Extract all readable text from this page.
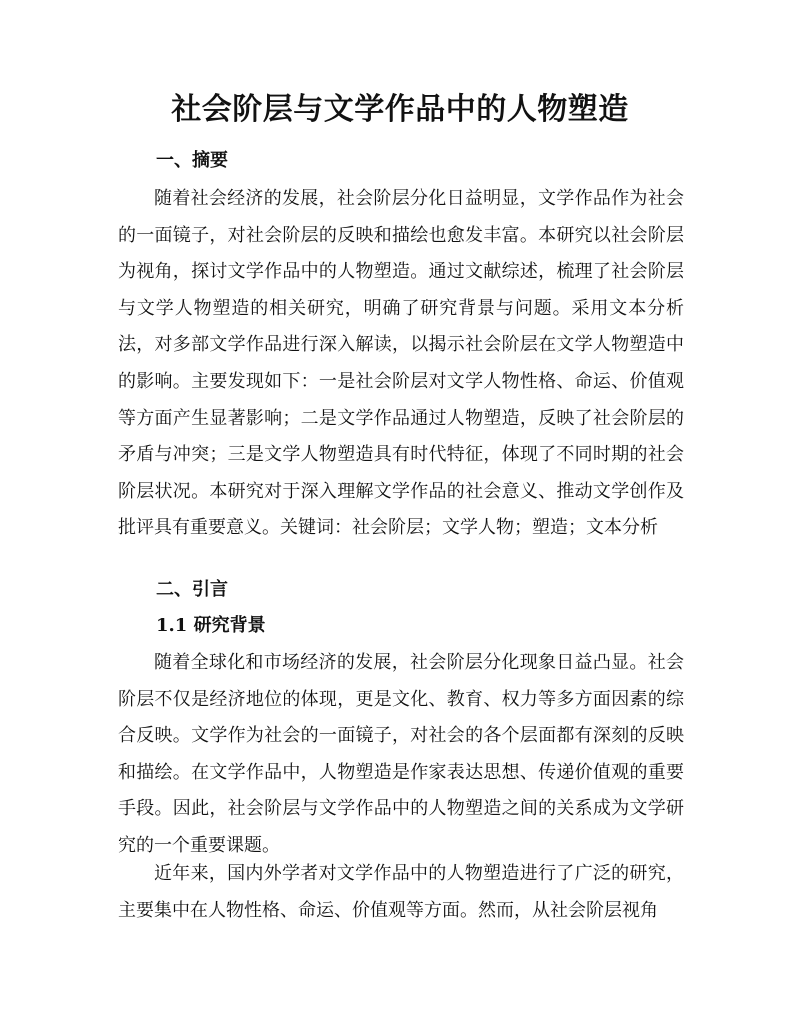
社会阶层与文学作品中的人物塑造
一、摘要

随着社会经济的发展，社会阶层分化日益明显，文学作品作为社会的一面镜子，对社会阶层的反映和描绘也愈发丰富。本研究以社会阶层为视角，探讨文学作品中的人物塑造。通过文献综述，梳理了社会阶层与文学人物塑造的相关研究，明确了研究背景与问题。采用文本分析法，对多部文学作品进行深入解读，以揭示社会阶层在文学人物塑造中的影响。主要发现如下：一是社会阶层对文学人物性格、命运、价值观等方面产生显著影响；二是文学作品通过人物塑造，反映了社会阶层的矛盾与冲突；三是文学人物塑造具有时代特征，体现了不同时期的社会阶层状况。本研究对于深入理解文学作品的社会意义、推动文学创作及批评具有重要意义。关键词：社会阶层；文学人物；塑造；文本分析

二、引言
1.1 研究背景

随着全球化和市场经济的发展，社会阶层分化现象日益凸显。社会阶层不仅是经济地位的体现，更是文化、教育、权力等多方面因素的综合反映。文学作为社会的一面镜子，对社会的各个层面都有深刻的反映和描绘。在文学作品中，人物塑造是作家表达思想、传递价值观的重要手段。因此，社会阶层与文学作品中的人物塑造之间的关系成为文学研究的一个重要课题。

近年来，国内外学者对文学作品中的人物塑造进行了广泛的研究，主要集中在人物性格、命运、价值观等方面。然而，从社会阶层视角
